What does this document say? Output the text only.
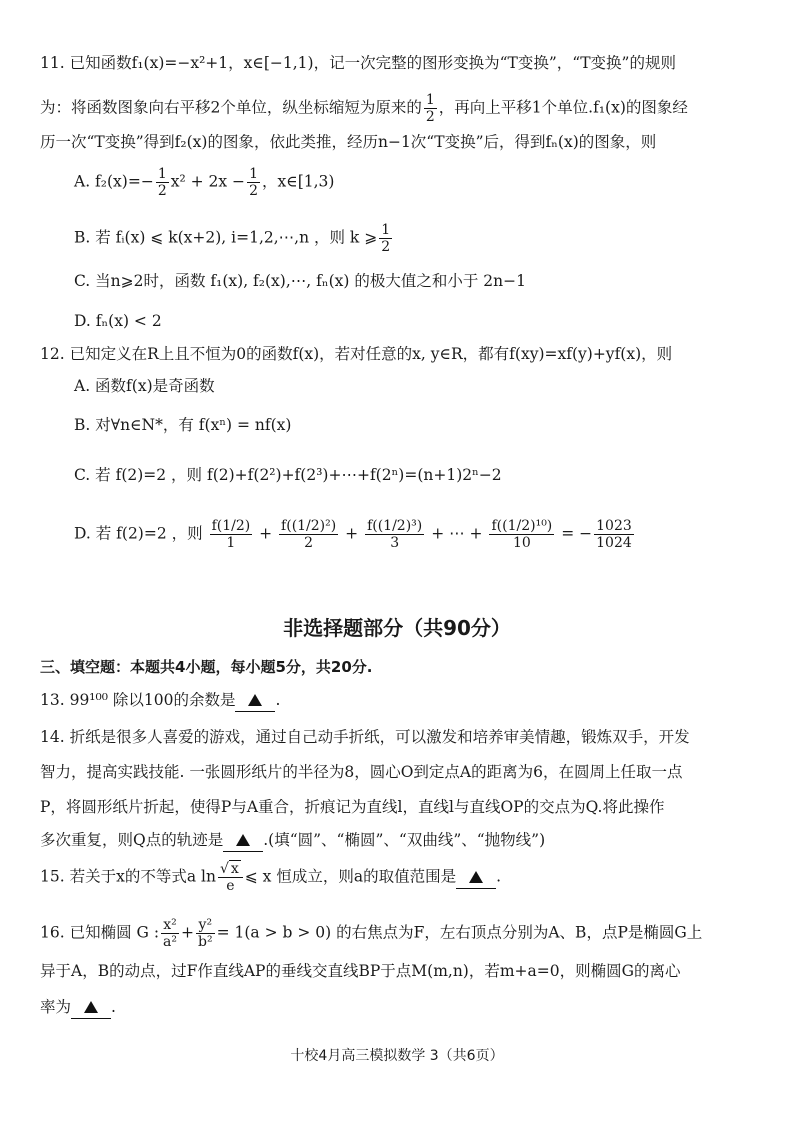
11. 已知函数f₁(x)=−x²+1，x∈[−1,1)，记一次完整的图形变换为“T变换”，“T变换”的规则
为：将函数图象向右平移2个单位，纵坐标缩短为原来的 $\frac{1}{2}$ ，再向上平移1个单位.f₁(x)的图象经
历一次“T变换”得到f₂(x)的图象，依此类推，经历n−1次“T变换”后，得到fₙ(x)的图象，则
A. $f_2(x)=- \frac{1}{2} x^2 + 2x - \frac{1}{2}$ ，x∈[1,3)
B. 若 fᵢ(x) ⩽ k(x+2), i=1,2,⋯,n ，则 k ⩾ $\frac{1}{2}$
C. 当n⩾2时，函数 f₁(x), f₂(x),⋯, fₙ(x) 的极大值之和小于 2n−1
D. fₙ(x) < 2
12. 已知定义在R上且不恒为0的函数f(x)，若对任意的x, y∈R，都有f(xy)=xf(y)+yf(x)，则
A. 函数f(x)是奇函数
B. 对∀n∈N*，有 f(xⁿ) = nf(x)
C. 若 f(2)=2 ，则 f(2)+f(2²)+f(2³)+⋯+f(2ⁿ)=(n+1)2ⁿ−2
D. 若 f(2)=2 ，则 $\frac{f(1/2)}{1} + \frac{\text{f((1/2)²)}}{2} + \frac{\text{f((1/2)³)}}{3}$ + ⋯ + $\frac{\text{f((1/2)¹⁰)}}{10}$ = − $\frac{1023}{1024}$
非选择题部分（共90分）
三、填空题：本题共4小题，每小题5分，共20分.
13. 99¹⁰⁰ 除以100的余数是	.
14. 折纸是很多人喜爱的游戏，通过自己动手折纸，可以激发和培养审美情趣，锻炼双手，开发
智力，提高实践技能. 一张圆形纸片的半径为8，圆心O到定点A的距离为6，在圆周上任取一点
P，将圆形纸片折起，使得P与A重合，折痕记为直线l，直线l与直线OP的交点为Q.将此操作
多次重复，则Q点的轨迹是	.(填“圆”、“椭圆”、“双曲线”、“抛物线”)
15. 若关于x的不等式a $\ln \frac{√ x}{e}$ ⩽ x 恒成立，则a的取值范围是	.
16. 已知椭圆 G : $\frac{\text{x²}}{\text{a²}} + \frac{\text{y²}}{\text{b²}} = 1(a > b > 0)$ 的右焦点为F，左右顶点分别为A、B，点P是椭圆G上
异于A，B的动点，过F作直线AP的垂线交直线BP于点M(m,n)，若m+a=0，则椭圆G的离心
率为	.
十校4月高三模拟数学 3（共6页）
